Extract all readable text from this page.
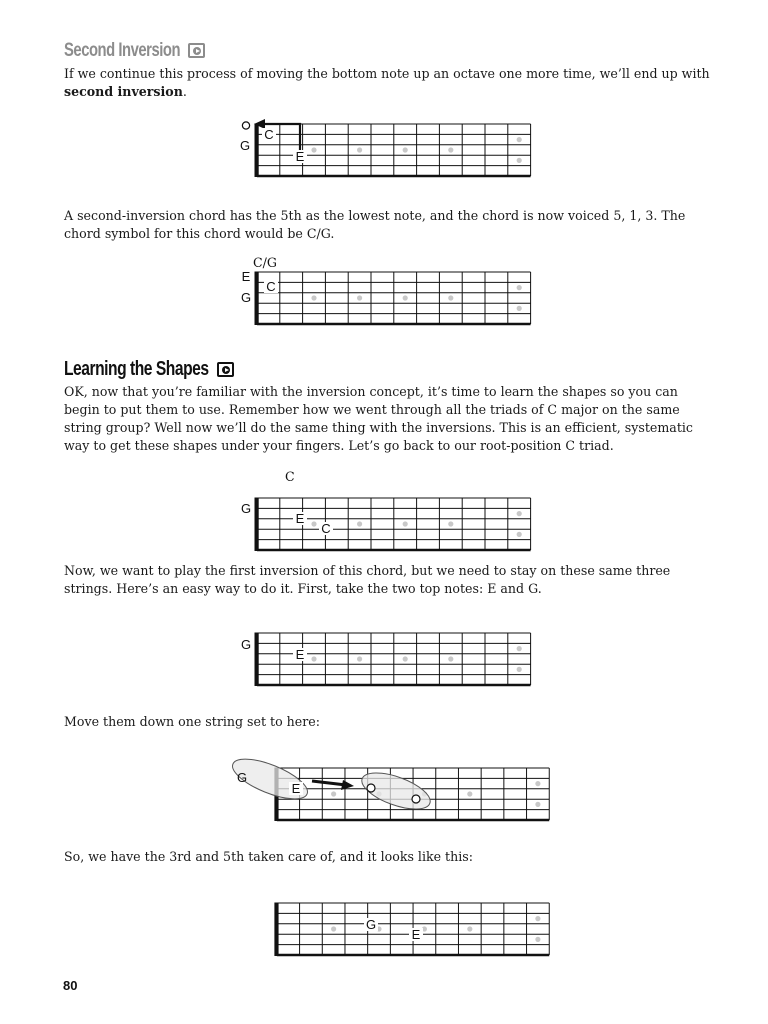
Second Inversion

If we continue this process of moving the bottom note up an octave one more time, we’ll end up with
second inversion.

C
G
E

A second-inversion chord has the 5th as the lowest note, and the chord is now voiced 5, 1, 3. The chord symbol for this chord would be C/G.

C/G
E
C
G
Learning the Shapes

OK, now that you’re familiar with the inversion concept, it’s time to learn the shapes so you can begin to put them to use. Remember how we went through all the triads of C major on the same string group? Well now we’ll do the same thing with the inversions. This is an efficient, systematic way to get these shapes under your fingers. Let’s go back to our root-position C triad.

C
G
E
C

Now, we want to play the first inversion of this chord, but we need to stay on these same three strings. Here’s an easy way to do it. First, take the two top notes: E and G.

G
E

Move them down one string set to here:

G
E

So, we have the 3rd and 5th taken care of, and it looks like this:

G
E
80
